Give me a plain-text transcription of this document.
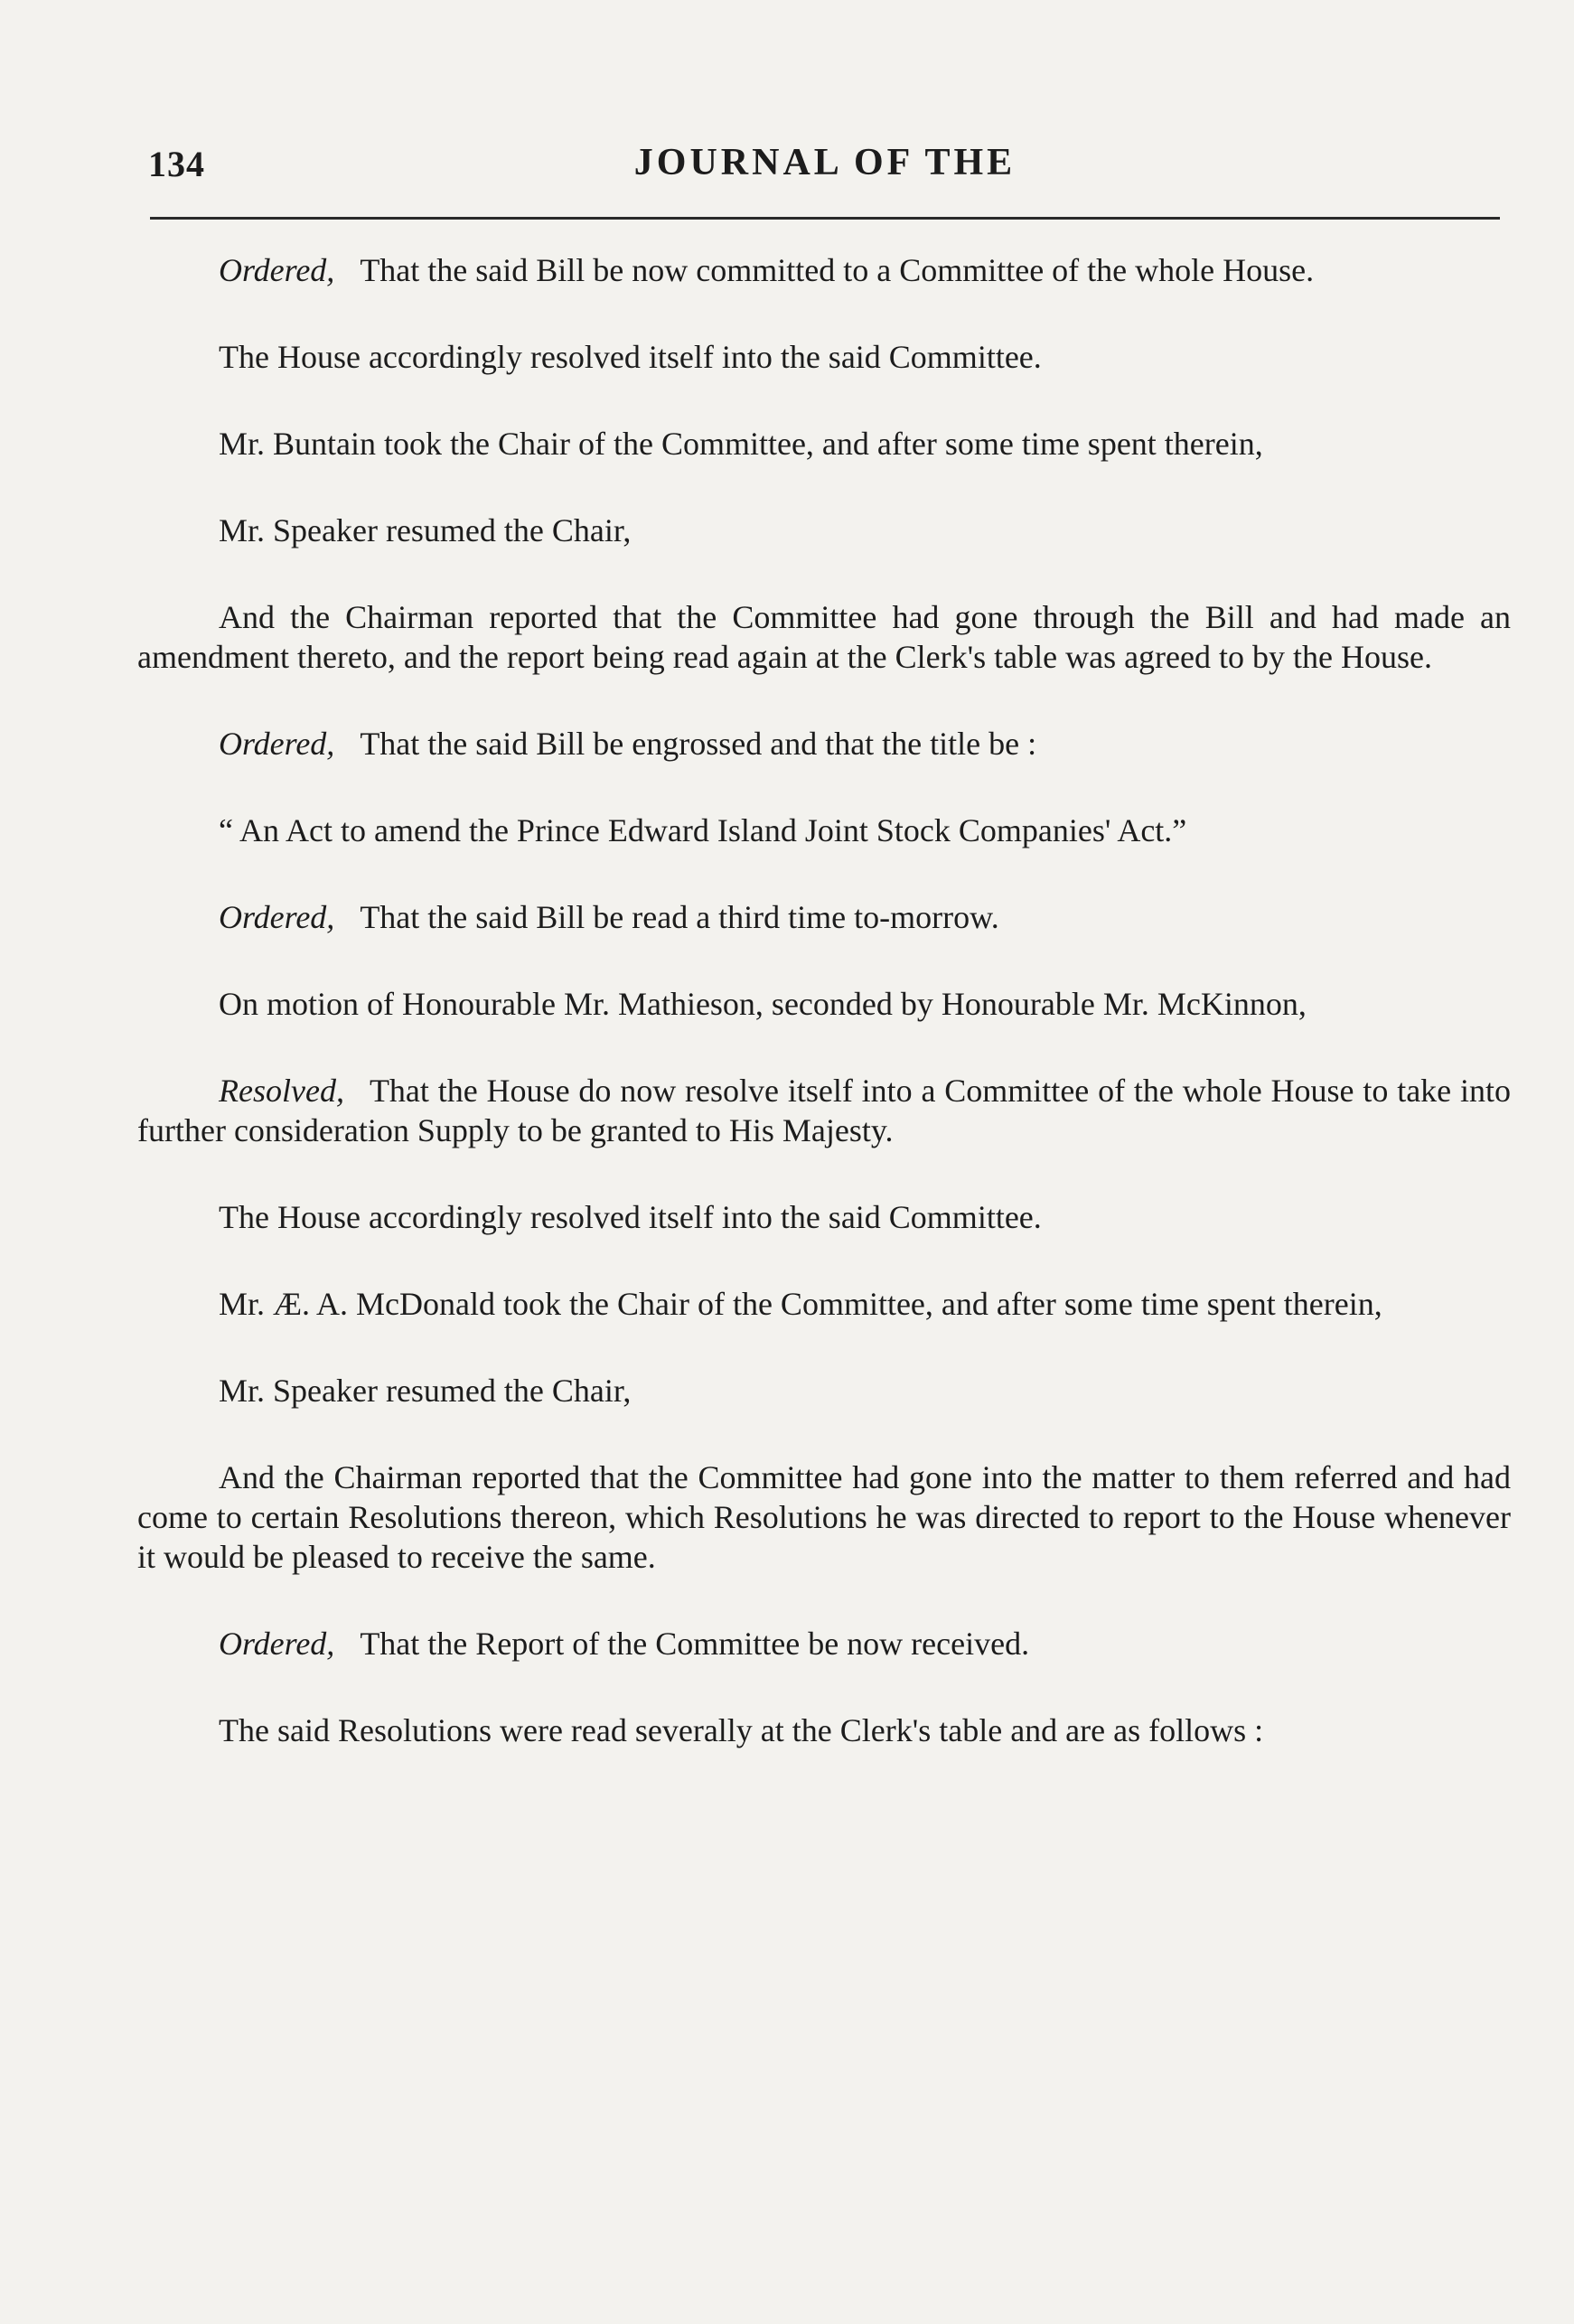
134	JOURNAL OF THE

Ordered, That the said Bill be now committed to a Committee of the whole House.

The House accordingly resolved itself into the said Committee.

Mr. Buntain took the Chair of the Committee, and after some time spent therein,

Mr. Speaker resumed the Chair,

And the Chairman reported that the Committee had gone through the Bill and had made an amendment thereto, and the report being read again at the Clerk's table was agreed to by the House.

Ordered, That the said Bill be engrossed and that the title be :

“ An Act to amend the Prince Edward Island Joint Stock Companies' Act.”

Ordered, That the said Bill be read a third time to-morrow.

On motion of Honourable Mr. Mathieson, seconded by Honourable Mr. McKinnon,

Resolved, That the House do now resolve itself into a Committee of the whole House to take into further consideration Supply to be granted to His Majesty.

The House accordingly resolved itself into the said Committee.

Mr. Æ. A. McDonald took the Chair of the Committee, and after some time spent therein,

Mr. Speaker resumed the Chair,

And the Chairman reported that the Committee had gone into the matter to them referred and had come to certain Resolutions thereon, which Resolutions he was directed to report to the House whenever it would be pleased to receive the same.

Ordered, That the Report of the Committee be now received.

The said Resolutions were read severally at the Clerk's table and are as follows :
